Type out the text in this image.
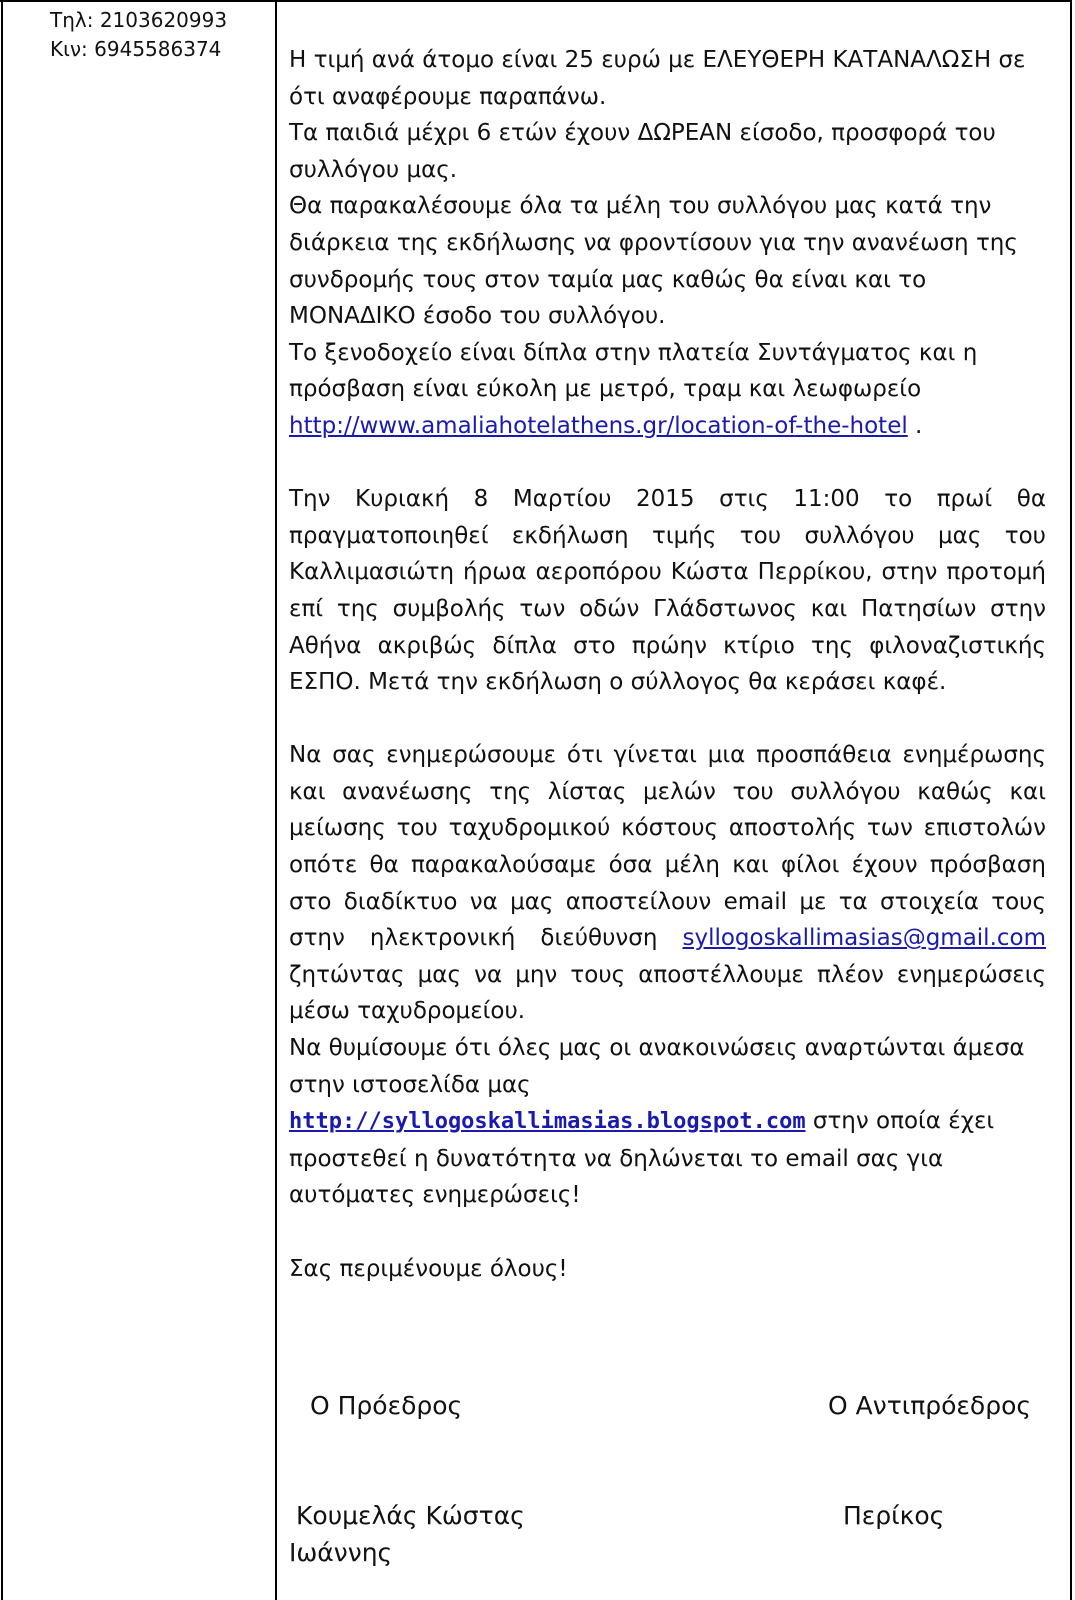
Τηλ: 2103620993
Κιν: 6945586374	Η τιμή ανά άτομο είναι 25 ευρώ με ΕΛΕΥΘΕΡΗ ΚΑΤΑΝΑΛΩΣΗ σε ότι αναφέρουμε παραπάνω.

Τα παιδιά μέχρι 6 ετών έχουν ΔΩΡΕΑΝ είσοδο, προσφορά του συλλόγου μας.

Θα παρακαλέσουμε όλα τα μέλη του συλλόγου μας κατά την διάρκεια της εκδήλωσης να φροντίσουν για την ανανέωση της συνδρομής τους στον ταμία μας καθώς θα είναι και το ΜΟΝΑΔΙΚΟ έσοδο του συλλόγου.

Το ξενοδοχείο είναι δίπλα στην πλατεία Συντάγματος και η πρόσβαση είναι εύκολη με μετρό, τραμ και λεωφωρείο
http://www.amaliahotelathens.gr/location-of-the-hotel .

Την Κυριακή 8 Μαρτίου 2015 στις 11:00 το πρωί θα πραγματοποιηθεί εκδήλωση τιμής του συλλόγου μας του Καλλιμασιώτη ήρωα αεροπόρου Κώστα Περρίκου, στην προτομή επί της συμβολής των οδών Γλάδστωνος και Πατησίων στην Αθήνα ακριβώς δίπλα στο πρώην κτίριο της φιλοναζιστικής ΕΣΠΟ. Μετά την εκδήλωση ο σύλλογος θα κεράσει καφέ.

Να σας ενημερώσουμε ότι γίνεται μια προσπάθεια ενημέρωσης και ανανέωσης της λίστας μελών του συλλόγου καθώς και μείωσης του ταχυδρομικού κόστους αποστολής των επιστολών οπότε θα παρακαλούσαμε όσα μέλη και φίλοι έχουν πρόσβαση στο διαδίκτυο να μας αποστείλουν email με τα στοιχεία τους στην ηλεκτρονική διεύθυνση syllogoskallimasias@gmail.com ζητώντας μας να μην τους αποστέλλουμε πλέον ενημερώσεις μέσω ταχυδρομείου.

Να θυμίσουμε ότι όλες μας οι ανακοινώσεις αναρτώνται άμεσα στην ιστοσελίδα μας http://syllogoskallimasias.blogspot.com στην οποία έχει προστεθεί η δυνατότητα να δηλώνεται το email σας για αυτόματες ενημερώσεις!

Σας περιμένουμε όλους!

Ο Πρόεδρος	Ο Αντιπρόεδρος
Κουμελάς Κώστας	Περίκος
Ιωάννης
